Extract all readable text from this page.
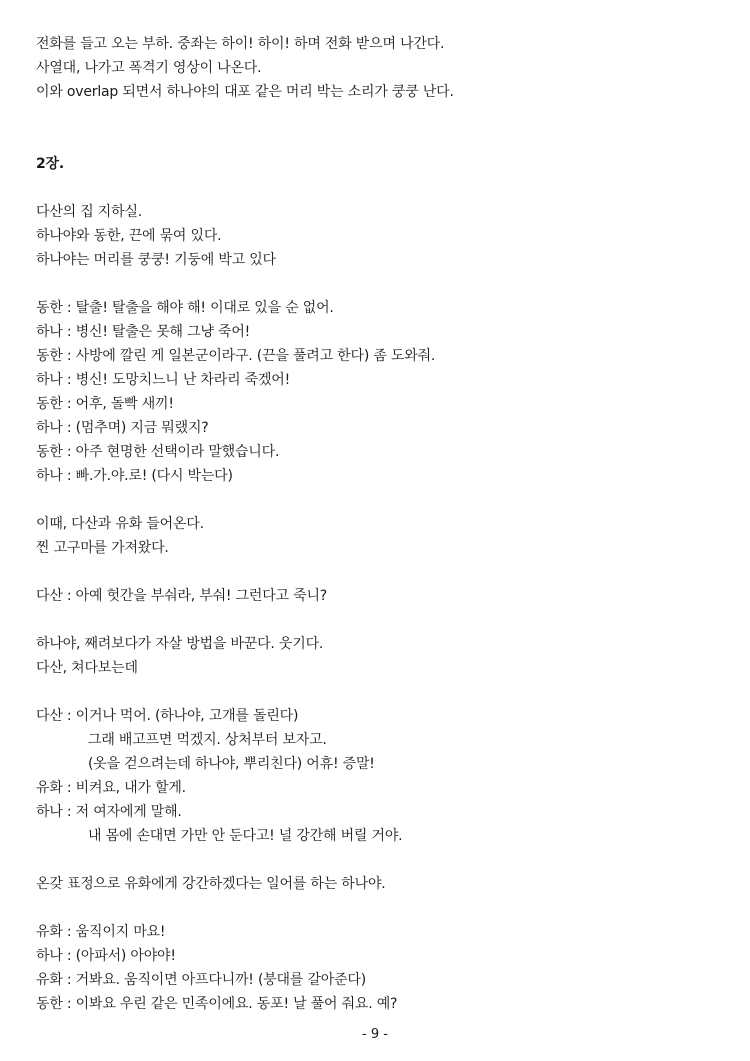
전화를 들고 오는 부하. 중좌는 하이! 하이! 하며 전화 받으며 나간다.
사열대, 나가고 폭격기 영상이 나온다.
이와 overlap 되면서 하나야의 대포 같은 머리 박는 소리가 쿵쿵 난다.
2장.
다산의 집 지하실.
하나야와 동한, 끈에 묶여 있다.
하나야는 머리를 쿵쿵! 기둥에 박고 있다
동한 : 탈출! 탈출을 해야 해! 이대로 있을 순 없어.
하나 : 병신! 탈출은 못해 그냥 죽어!
동한 : 사방에 깔린 게 일본군이라구. (끈을 풀려고 한다) 좀 도와줘.
하나 : 병신! 도망치느니 난 차라리 죽겠어!
동한 : 어후, 돌빡 새끼!
하나 : (멈추며) 지금 뭐랬지?
동한 : 아주 현명한 선택이라 말했습니다.
하나 : 빠.가.야.로! (다시 박는다)
이때, 다산과 유화 들어온다.
찐 고구마를 가져왔다.
다산 : 아예 헛간을 부숴라, 부숴! 그런다고 죽니?
하나야, 째려보다가 자살 방법을 바꾼다. 웃기다.
다산, 쳐다보는데
다산 : 이거나 먹어. (하나야, 고개를 돌린다)
그래 배고프면 먹겠지. 상처부터 보자고.
(옷을 걷으려는데 하나야, 뿌리친다) 어휴! 증말!
유화 : 비켜요, 내가 할게.
하나 : 저 여자에게 말해.
내 몸에 손대면 가만 안 둔다고! 널 강간해 버릴 거야.
온갖 표정으로 유화에게 강간하겠다는 일어를 하는 하나야.
유화 : 움직이지 마요!
하나 : (아파서) 아야야!
유화 : 거봐요. 움직이면 아프다니까! (붕대를 갈아준다)
동한 : 이봐요 우린 같은 민족이에요. 동포! 날 풀어 줘요. 예?
- 9 -
